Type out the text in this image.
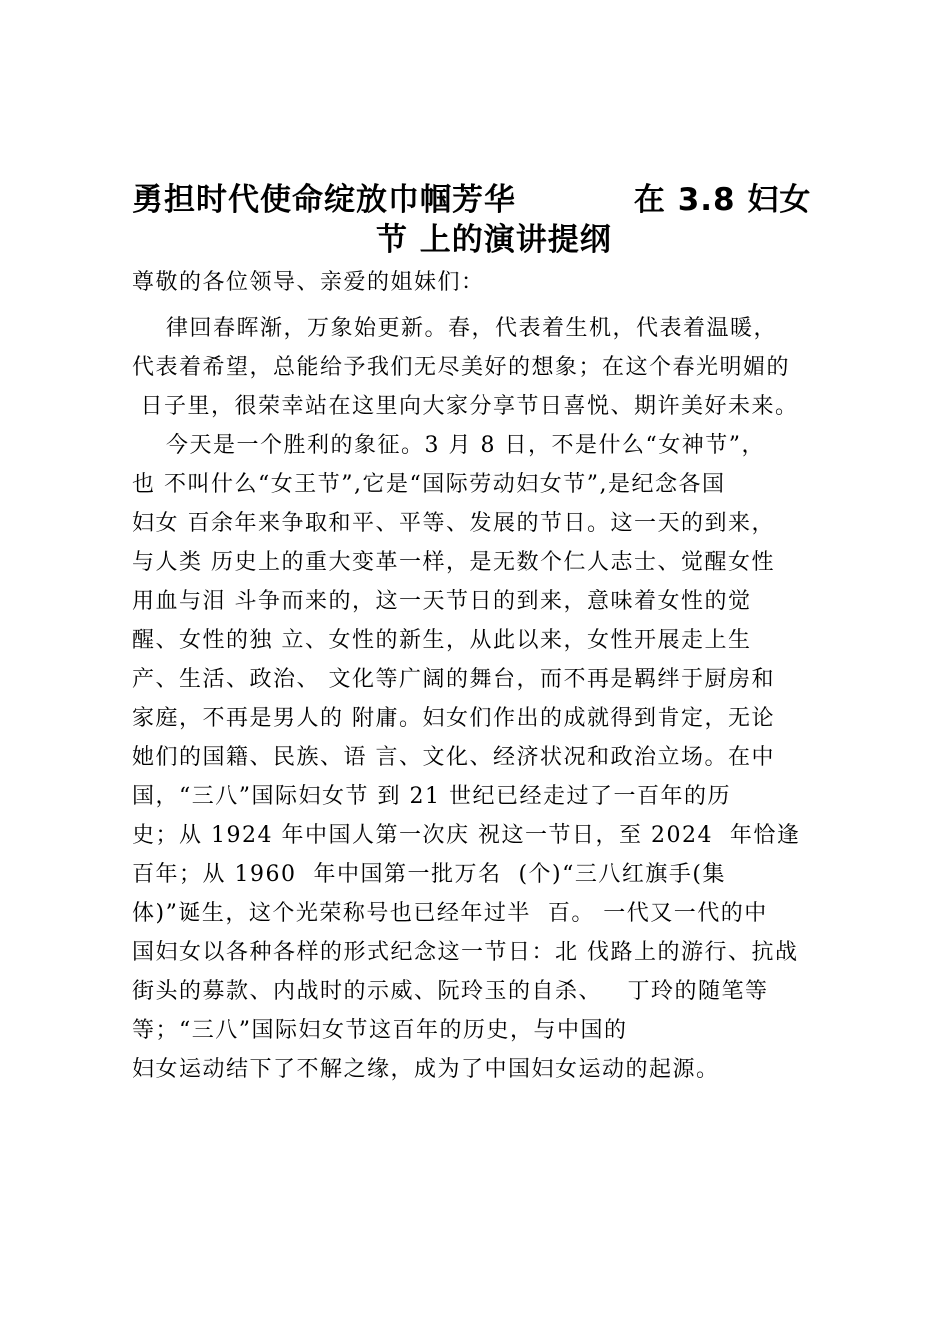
勇担时代使命绽放巾帼芳华          在 3.8 妇女
节 上的演讲提纲
尊敬的各位领导、亲爱的姐妹们：
律回春晖渐，万象始更新。春，代表着生机，代表着温暖，
代表着希望，总能给予我们无尽美好的想象；在这个春光明媚的
日子里，很荣幸站在这里向大家分享节日喜悦、期许美好未来。
今天是一个胜利的象征。3 月 8 日，不是什么“女神节”，
也 不叫什么“女王节”,它是“国际劳动妇女节”,是纪念各国
妇女 百余年来争取和平、平等、发展的节日。这一天的到来，
与人类 历史上的重大变革一样，是无数个仁人志士、觉醒女性
用血与泪 斗争而来的，这一天节日的到来，意味着女性的觉
醒、女性的独 立、女性的新生，从此以来，女性开展走上生
产、生活、政治、 文化等广阔的舞台，而不再是羁绊于厨房和
家庭，不再是男人的 附庸。妇女们作出的成就得到肯定，无论
她们的国籍、民族、语 言、文化、经济状况和政治立场。在中
国，“三八”国际妇女节 到 21 世纪已经走过了一百年的历
史；从 1924 年中国人第一次庆 祝这一节日，至 2024  年恰逢
百年；从 1960  年中国第一批万名  (个)“三八红旗手(集
体)”诞生，这个光荣称号也已经年过半  百。 一代又一代的中
国妇女以各种各样的形式纪念这一节日：北 伐路上的游行、抗战
街头的募款、内战时的示威、阮玲玉的自杀、   丁玲的随笔等
等；“三八”国际妇女节这百年的历史，与中国的
妇女运动结下了不解之缘，成为了中国妇女运动的起源。
